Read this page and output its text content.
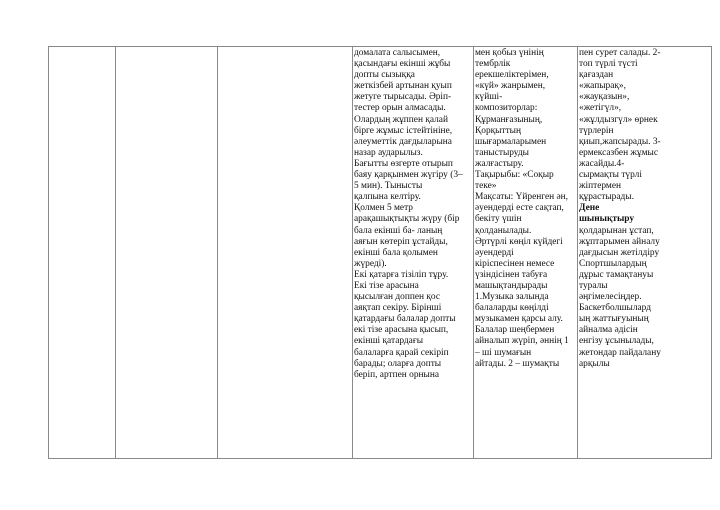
домалата салысымен,
қасындағы екінші жұбы
допты сызыққа
жеткізбей артынан қуып
жетуге тырысады. Әріп-
тестер орын алмасады.
Олардың жұппен қалай
бірге жұмыс істейтініне,
әлеуметтік дағдыларына
назар аударылыз.
Бағытты өзгерте отырып
баяу қарқынмен жүгіру (3–
5 мин). Тынысты
қалпына келтіру.
Қолмен 5 метр
арақашықтықты жүру (бір
бала екінші ба- ланың
аяғын көтеріп ұстайды,
екінші бала қолымен
жүреді).
Екі қатарға тізіліп тұру.
Екі тізе арасына
қысылған доппен қос
аяқтап секіру. Бірінші
қатардағы балалар допты
екі тізе арасына қысып,
екінші қатардағы
балаларға қарай секіріп
барады; оларға допты
беріп, артпен орнына
мен қобыз үнінің
тембрлік
ерекшеліктерімен,
«күй» жанрымен,
күйші-
композиторлар:
Құрманғазының,
Қорқыттың
шығармаларымен
таныстыруды
жалғастыру.
Тақырыбы: «Соқыр
теке»
Мақсаты: Үйренген ән,
әуендерді есте сақтап,
бекіту үшін
қолданылады.
Әртүрлі көңіл күйдегі
әуендерді
кіріспесінен немесе
үзіндісінен табуға
машықтандырады
1.Музыка залында
балаларды көңілді
музыкамен қарсы алу.
Балалар шеңбермен
айналып жүріп, әннің 1
– ші шумағын
айтады. 2 – шумақты
пен сурет салады. 2-
топ түрлі түсті
қағаздан
«жапырақ»,
«жауқазын»,
«жетігүл»,
«жұлдызгүл» өрнек
түрлерін
қиып,жапсырады. 3-
ермексазбен жұмыс
жасайды.4-
сырмақты түрлі
жіптермен
құрастырады.
Дене
шынықтыру
қолдарынан ұстап,
жұптарымен айналу
дағдысын жетілдіру
Спортшылардың
дұрыс тамақтануы
туралы
әңгімелесіңдер.
Баскетболшылард
ың жаттығуының
айналма әдісін
енгізу ұсынылады,
жетондар пайдалану
арқылы
